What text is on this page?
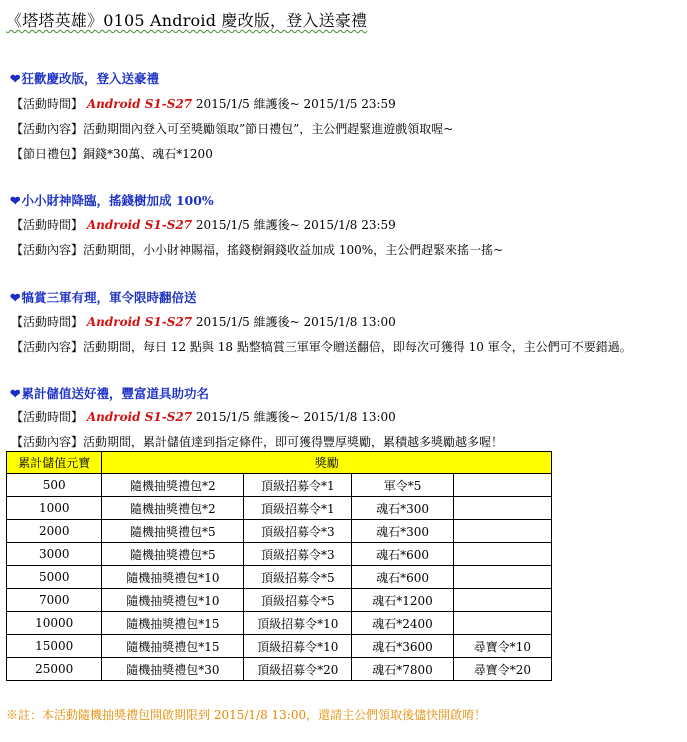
《塔塔英雄》0105 Android 慶改版，登入送豪禮
❤狂歡慶改版，登入送豪禮
【活動時間】 Android S1-S27 2015/1/5 維護後~ 2015/1/5 23:59
【活動內容】活動期間內登入可至獎勵領取”節日禮包”，主公們趕緊進遊戲領取喔~
【節日禮包】銅錢*30萬、魂石*1200
❤小小財神降臨，搖錢樹加成 100%
【活動時間】 Android S1-S27 2015/1/5 維護後~ 2015/1/8 23:59
【活動內容】活動期間，小小財神賜福，搖錢樹銅錢收益加成 100%，主公們趕緊來搖一搖~
❤犒賞三軍有理，軍令限時翻倍送
【活動時間】 Android S1-S27 2015/1/5 維護後~ 2015/1/8 13:00
【活動內容】活動期間，每日 12 點與 18 點整犒賞三軍軍令贈送翻倍，即每次可獲得 10 軍令，主公們可不要錯過。
❤累計儲值送好禮，豐富道具助功名
【活動時間】 Android S1-S27 2015/1/5 維護後~ 2015/1/8 13:00
【活動內容】活動期間，累計儲值達到指定條件，即可獲得豐厚獎勵，累積越多獎勵越多喔！
累計儲值元寶	獎勵			
500	隨機抽獎禮包*2	頂級招募令*1	軍令*5	
1000	隨機抽獎禮包*2	頂級招募令*1	魂石*300	
2000	隨機抽獎禮包*5	頂級招募令*3	魂石*300	
3000	隨機抽獎禮包*5	頂級招募令*3	魂石*600	
5000	隨機抽獎禮包*10	頂級招募令*5	魂石*600	
7000	隨機抽獎禮包*10	頂級招募令*5	魂石*1200	
10000	隨機抽獎禮包*15	頂級招募令*10	魂石*2400	
15000	隨機抽獎禮包*15	頂級招募令*10	魂石*3600	尋寶令*10
25000	隨機抽獎禮包*30	頂級招募令*20	魂石*7800	尋寶令*20
※註：本活動隨機抽獎禮包開啟期限到 2015/1/8 13:00，還請主公們領取後儘快開啟唷！
